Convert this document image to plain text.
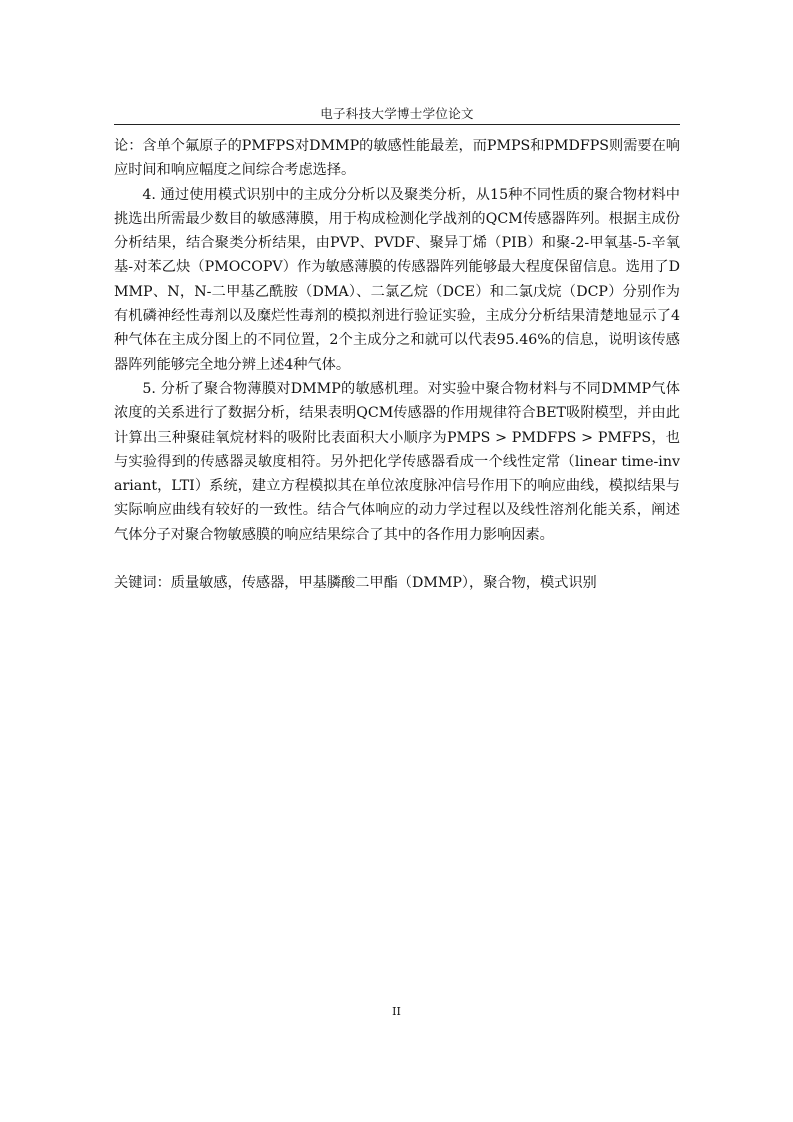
电子科技大学博士学位论文

论：含单个氟原子的PMFPS对DMMP的敏感性能最差，而PMPS和PMDFPS则需要在响应时间和响应幅度之间综合考虑选择。

4. 通过使用模式识别中的主成分分析以及聚类分析，从15种不同性质的聚合物材料中挑选出所需最少数目的敏感薄膜，用于构成检测化学战剂的QCM传感器阵列。根据主成份分析结果，结合聚类分析结果，由PVP、PVDF、聚异丁烯（PIB）和聚-2-甲氧基-5-辛氧基-对苯乙炔（PMOCOPV）作为敏感薄膜的传感器阵列能够最大程度保留信息。选用了DMMP、N，N-二甲基乙酰胺（DMA）、二氯乙烷（DCE）和二氯戊烷（DCP）分别作为有机磷神经性毒剂以及糜烂性毒剂的模拟剂进行验证实验，主成分分析结果清楚地显示了4种气体在主成分图上的不同位置，2个主成分之和就可以代表95.46%的信息，说明该传感器阵列能够完全地分辨上述4种气体。

5. 分析了聚合物薄膜对DMMP的敏感机理。对实验中聚合物材料与不同DMMP气体浓度的关系进行了数据分析，结果表明QCM传感器的作用规律符合BET吸附模型，并由此计算出三种聚硅氧烷材料的吸附比表面积大小顺序为PMPS > PMDFPS > PMFPS，也与实验得到的传感器灵敏度相符。另外把化学传感器看成一个线性定常（linear time-invariant，LTI）系统，建立方程模拟其在单位浓度脉冲信号作用下的响应曲线，模拟结果与实际响应曲线有较好的一致性。结合气体响应的动力学过程以及线性溶剂化能关系，阐述气体分子对聚合物敏感膜的响应结果综合了其中的各作用力影响因素。

关键词：质量敏感，传感器，甲基膦酸二甲酯（DMMP），聚合物，模式识别

II
